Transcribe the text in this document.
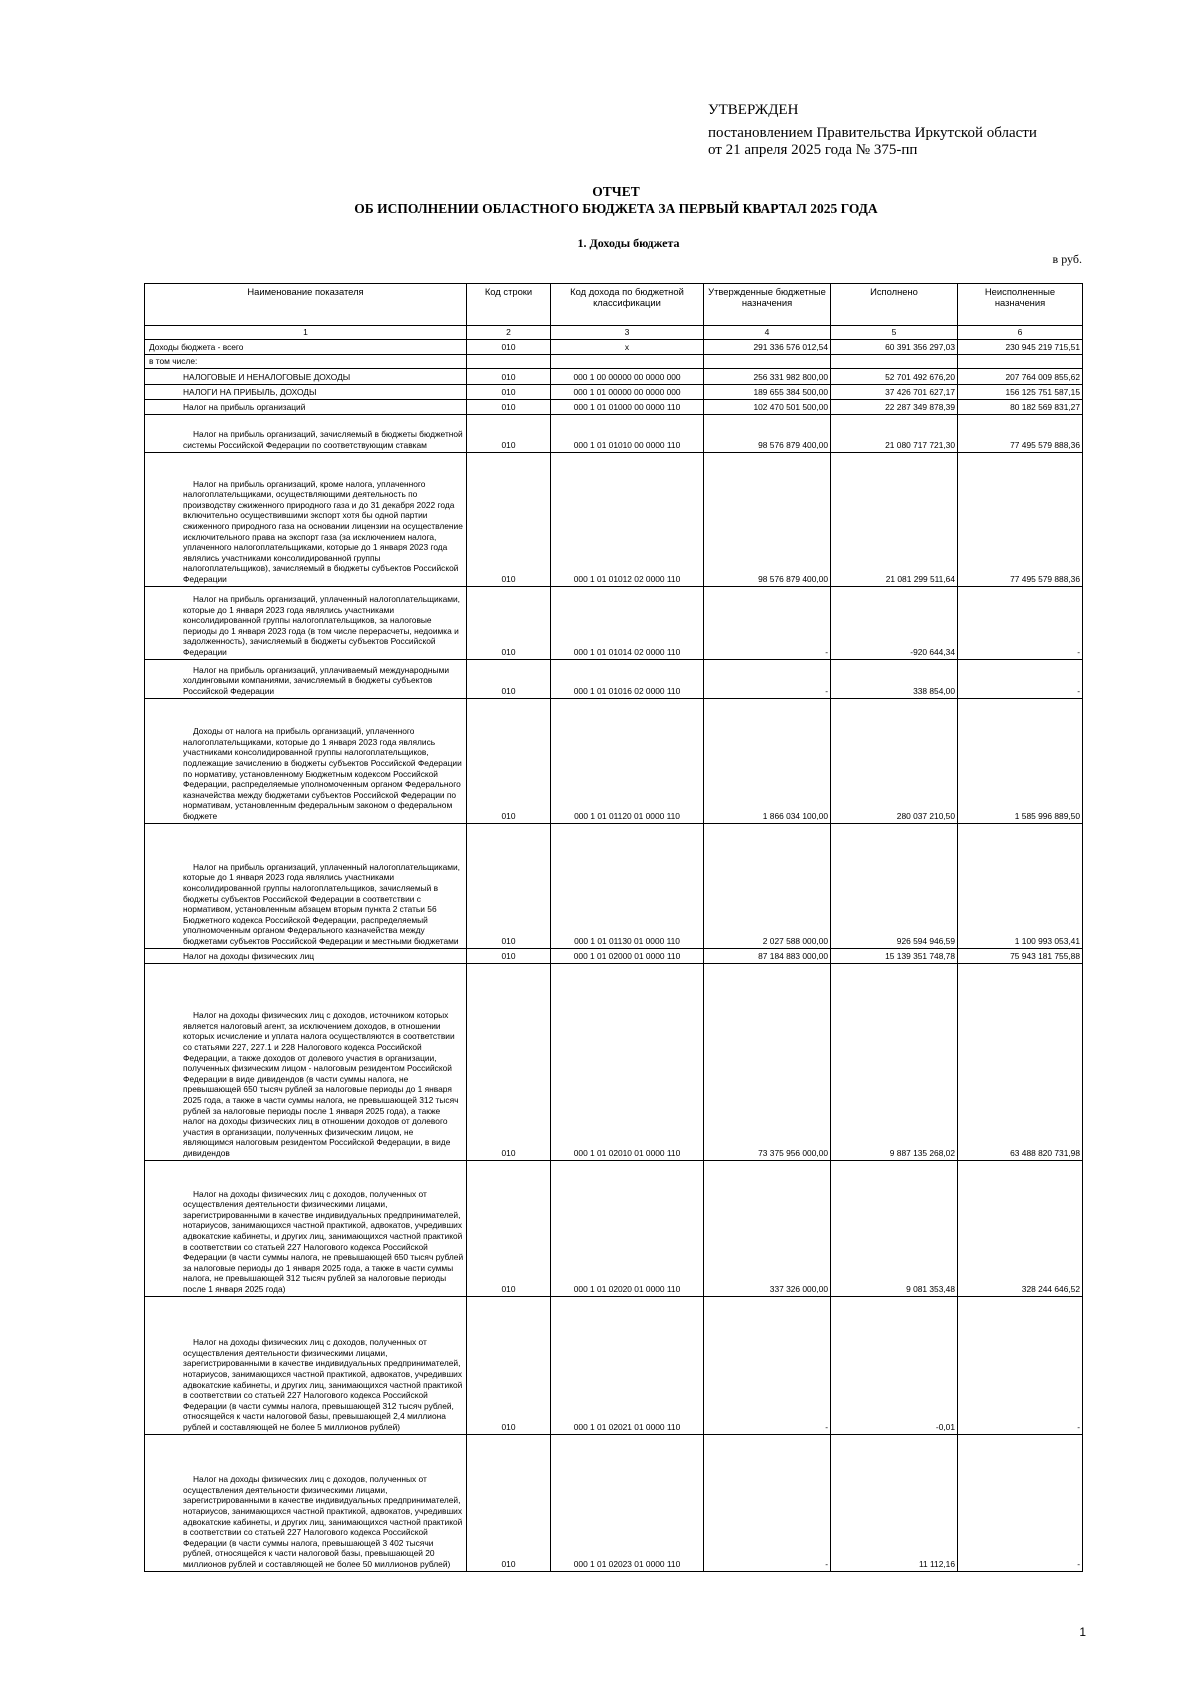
УТВЕРЖДЕН
постановлением Правительства Иркутской области
от 21 апреля 2025 года № 375-пп
ОТЧЕТ
ОБ ИСПОЛНЕНИИ ОБЛАСТНОГО БЮДЖЕТА ЗА ПЕРВЫЙ КВАРТАЛ 2025 ГОДА
1. Доходы бюджета
в руб.
Наименование показателя	Код строки	Код дохода по бюджетной классификации	Утвержденные бюджетные назначения	Исполнено	Неисполненные назначения
1	2	3	4	5	6
Доходы бюджета - всего	010	x	291 336 576 012,54	60 391 356 297,03	230 945 219 715,51
в том числе:					
НАЛОГОВЫЕ И НЕНАЛОГОВЫЕ ДОХОДЫ	010	000 1 00 00000 00 0000 000	256 331 982 800,00	52 701 492 676,20	207 764 009 855,62
НАЛОГИ НА ПРИБЫЛЬ, ДОХОДЫ	010	000 1 01 00000 00 0000 000	189 655 384 500,00	37 426 701 627,17	156 125 751 587,15
Налог на прибыль организаций	010	000 1 01 01000 00 0000 110	102 470 501 500,00	22 287 349 878,39	80 182 569 831,27

Налог на прибыль организаций, зачисляемый в бюджеты бюджетной системы Российской Федерации по соответствующим ставкам	010	000 1 01 01010 00 0000 110	98 576 879 400,00	21 080 717 721,30	77 495 579 888,36

Налог на прибыль организаций, кроме налога, уплаченного налогоплательщиками, осуществляющими деятельность по производству сжиженного природного газа и до 31 декабря 2022 года включительно осуществившими экспорт хотя бы одной партии сжиженного природного газа на основании лицензии на осуществление исключительного права на экспорт газа (за исключением налога, уплаченного налогоплательщиками, которые до 1 января 2023 года являлись участниками консолидированной группы налогоплательщиков), зачисляемый в бюджеты субъектов Российской Федерации	010	000 1 01 01012 02 0000 110	98 576 879 400,00	21 081 299 511,64	77 495 579 888,36

Налог на прибыль организаций, уплаченный налогоплательщиками, которые до 1 января 2023 года являлись участниками консолидированной группы налогоплательщиков, за налоговые периоды до 1 января 2023 года (в том числе перерасчеты, недоимка и задолженность), зачисляемый в бюджеты субъектов Российской Федерации	010	000 1 01 01014 02 0000 110	-	-920 644,34	-

Налог на прибыль организаций, уплачиваемый международными холдинговыми компаниями, зачисляемый в бюджеты субъектов Российской Федерации	010	000 1 01 01016 02 0000 110	-	338 854,00	-

Доходы от налога на прибыль организаций, уплаченного налогоплательщиками, которые до 1 января 2023 года являлись участниками консолидированной группы налогоплательщиков, подлежащие зачислению в бюджеты субъектов Российской Федерации по нормативу, установленному Бюджетным кодексом Российской Федерации, распределяемые уполномоченным органом Федерального казначейства между бюджетами субъектов Российской Федерации по нормативам, установленным федеральным законом о федеральном бюджете	010	000 1 01 01120 01 0000 110	1 866 034 100,00	280 037 210,50	1 585 996 889,50

Налог на прибыль организаций, уплаченный налогоплательщиками, которые до 1 января 2023 года являлись участниками консолидированной группы налогоплательщиков, зачисляемый в бюджеты субъектов Российской Федерации в соответствии с нормативом, установленным абзацем вторым пункта 2 статьи 56 Бюджетного кодекса Российской Федерации, распределяемый уполномоченным органом Федерального казначейства между бюджетами субъектов Российской Федерации и местными бюджетами	010	000 1 01 01130 01 0000 110	2 027 588 000,00	926 594 946,59	1 100 993 053,41
Налог на доходы физических лиц	010	000 1 01 02000 01 0000 110	87 184 883 000,00	15 139 351 748,78	75 943 181 755,88

Налог на доходы физических лиц с доходов, источником которых является налоговый агент, за исключением доходов, в отношении которых исчисление и уплата налога осуществляются в соответствии со статьями 227, 227.1 и 228 Налогового кодекса Российской Федерации, а также доходов от долевого участия в организации, полученных физическим лицом - налоговым резидентом Российской Федерации в виде дивидендов (в части суммы налога, не превышающей 650 тысяч рублей за налоговые периоды до 1 января 2025 года, а также в части суммы налога, не превышающей 312 тысяч рублей за налоговые периоды после 1 января 2025 года), а также налог на доходы физических лиц в отношении доходов от долевого участия в организации, полученных физическим лицом, не являющимся налоговым резидентом Российской Федерации, в виде дивидендов	010	000 1 01 02010 01 0000 110	73 375 956 000,00	9 887 135 268,02	63 488 820 731,98

Налог на доходы физических лиц с доходов, полученных от осуществления деятельности физическими лицами, зарегистрированными в качестве индивидуальных предпринимателей, нотариусов, занимающихся частной практикой, адвокатов, учредивших адвокатские кабинеты, и других лиц, занимающихся частной практикой в соответствии со статьей 227 Налогового кодекса Российской Федерации (в части суммы налога, не превышающей 650 тысяч рублей за налоговые периоды до 1 января 2025 года, а также в части суммы налога, не превышающей 312 тысяч рублей за налоговые периоды после 1 января 2025 года)	010	000 1 01 02020 01 0000 110	337 326 000,00	9 081 353,48	328 244 646,52

Налог на доходы физических лиц с доходов, полученных от осуществления деятельности физическими лицами, зарегистрированными в качестве индивидуальных предпринимателей, нотариусов, занимающихся частной практикой, адвокатов, учредивших адвокатские кабинеты, и других лиц, занимающихся частной практикой в соответствии со статьей 227 Налогового кодекса Российской Федерации (в части суммы налога, превышающей 312 тысяч рублей, относящейся к части налоговой базы, превышающей 2,4 миллиона рублей и составляющей не более 5 миллионов рублей)	010	000 1 01 02021 01 0000 110	-	-0,01	-

Налог на доходы физических лиц с доходов, полученных от осуществления деятельности физическими лицами, зарегистрированными в качестве индивидуальных предпринимателей, нотариусов, занимающихся частной практикой, адвокатов, учредивших адвокатские кабинеты, и других лиц, занимающихся частной практикой в соответствии со статьей 227 Налогового кодекса Российской Федерации (в части суммы налога, превышающей 3 402 тысячи рублей, относящейся к части налоговой базы, превышающей 20 миллионов рублей и составляющей не более 50 миллионов рублей)	010	000 1 01 02023 01 0000 110	-	11 112,16	-
1
